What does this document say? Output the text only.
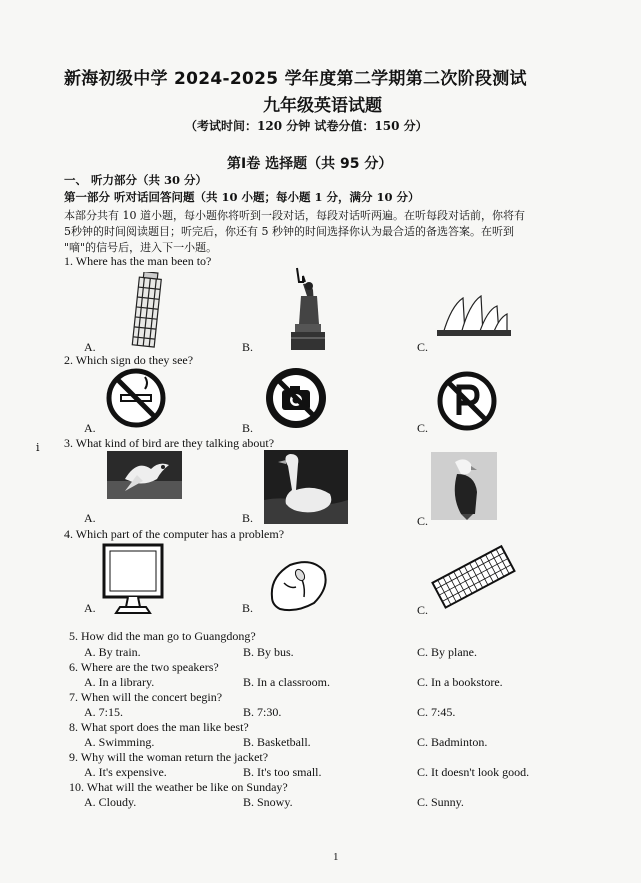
新海初级中学 2024-2025 学年度第二学期第二次阶段测试
九年级英语试题
（考试时间：120 分钟 试卷分值：150 分）
第Ⅰ卷 选择题（共 95 分）
一、 听力部分（共 30 分）
第一部分 听对话回答问题（共 10 小题；每小题 1 分，满分 10 分）
本部分共有 10 道小题，每小题你将听到一段对话，每段对话听两遍。在听每段对话前，你将有
5秒钟的时间阅读题目；听完后，你还有 5 秒钟的时间选择你认为最合适的备选答案。在听到
"嘀"的信号后，进入下一小题。
1. Where has the man been to?
A.	B.	C.
2. Which sign do they see?
A.	B.	C.
ⅰ 3. What kind of bird are they talking about?
A.	B.	C.
4. Which part of the computer has a problem?
A.	B.	C.
5. How did the man go to Guangdong?
A. By train.	B. By bus.	C. By plane.
6. Where are the two speakers?
A. In a library.	B. In a classroom.	C. In a bookstore.
7. When will the concert begin?
A. 7:15.	B. 7:30.	C. 7:45.
8. What sport does the man like best?
A. Swimming.	B. Basketball.	C. Badminton.
9. Why will the woman return the jacket?
A. It's expensive.	B. It's too small.	C. It doesn't look good.
10. What will the weather be like on Sunday?
A. Cloudy.	B. Snowy.	C. Sunny.
1
